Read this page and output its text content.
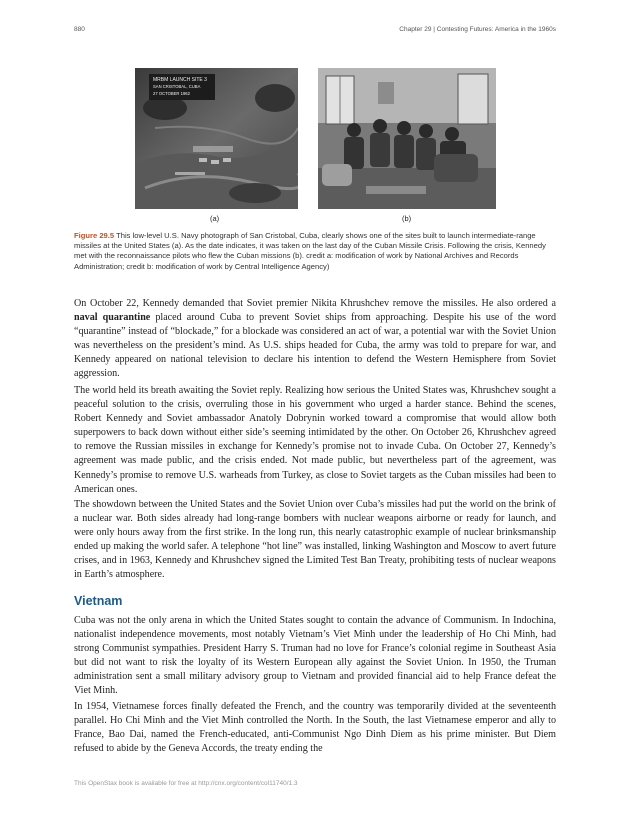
880	Chapter 29 | Contesting Futures: America in the 1960s
MRBM LAUNCH SITE 3
SAN CRISTOBAL, CUBA
27 OCTOBER 1962
(a)	(b)

Figure 29.5 This low-level U.S. Navy photograph of San Cristobal, Cuba, clearly shows one of the sites built to launch intermediate-range missiles at the United States (a). As the date indicates, it was taken on the last day of the Cuban Missile Crisis. Following the crisis, Kennedy met with the reconnaissance pilots who flew the Cuban missions (b). credit a: modification of work by National Archives and Records Administration; credit b: modification of work by Central Intelligence Agency)

On October 22, Kennedy demanded that Soviet premier Nikita Khrushchev remove the missiles. He also ordered a naval quarantine placed around Cuba to prevent Soviet ships from approaching. Despite his use of the word “quarantine” instead of “blockade,” for a blockade was considered an act of war, a potential war with the Soviet Union was nevertheless on the president’s mind. As U.S. ships headed for Cuba, the army was told to prepare for war, and Kennedy appeared on national television to declare his intention to defend the Western Hemisphere from Soviet aggression.

The world held its breath awaiting the Soviet reply. Realizing how serious the United States was, Khrushchev sought a peaceful solution to the crisis, overruling those in his government who urged a harder stance. Behind the scenes, Robert Kennedy and Soviet ambassador Anatoly Dobrynin worked toward a compromise that would allow both superpowers to back down without either side’s seeming intimidated by the other. On October 26, Khrushchev agreed to remove the Russian missiles in exchange for Kennedy’s promise not to invade Cuba. On October 27, Kennedy’s agreement was made public, and the crisis ended. Not made public, but nevertheless part of the agreement, was Kennedy’s promise to remove U.S. warheads from Turkey, as close to Soviet targets as the Cuban missiles had been to American ones.

The showdown between the United States and the Soviet Union over Cuba’s missiles had put the world on the brink of a nuclear war. Both sides already had long-range bombers with nuclear weapons airborne or ready for launch, and were only hours away from the first strike. In the long run, this nearly catastrophic example of nuclear brinksmanship ended up making the world safer. A telephone “hot line” was installed, linking Washington and Moscow to avert future crises, and in 1963, Kennedy and Khrushchev signed the Limited Test Ban Treaty, prohibiting tests of nuclear weapons in Earth’s atmosphere.

Vietnam

Cuba was not the only arena in which the United States sought to contain the advance of Communism. In Indochina, nationalist independence movements, most notably Vietnam’s Viet Minh under the leadership of Ho Chi Minh, had strong Communist sympathies. President Harry S. Truman had no love for France’s colonial regime in Southeast Asia but did not want to risk the loyalty of its Western European ally against the Soviet Union. In 1950, the Truman administration sent a small military advisory group to Vietnam and provided financial aid to help France defeat the Viet Minh.

In 1954, Vietnamese forces finally defeated the French, and the country was temporarily divided at the seventeenth parallel. Ho Chi Minh and the Viet Minh controlled the North. In the South, the last Vietnamese emperor and ally to France, Bao Dai, named the French-educated, anti-Communist Ngo Dinh Diem as his prime minister. But Diem refused to abide by the Geneva Accords, the treaty ending the

This OpenStax book is available for free at http://cnx.org/content/col11740/1.3
